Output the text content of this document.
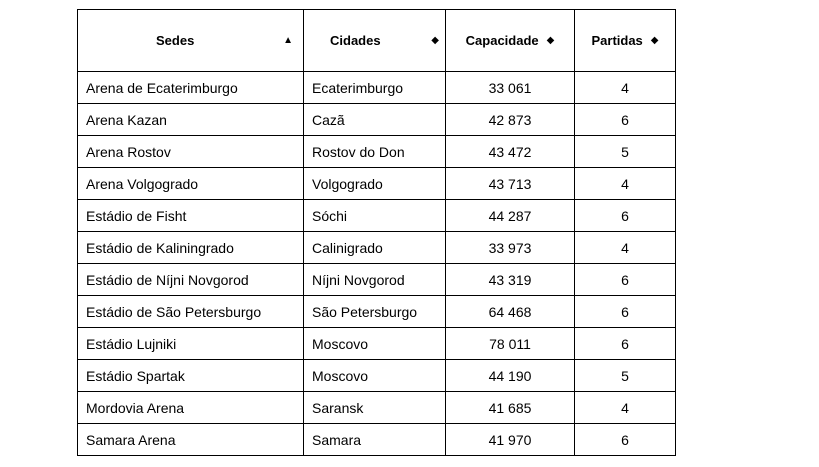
Sedes ▲	Cidades ◆	Capacidade ◆	Partidas ◆

Arena de Ecaterimburgo	Ecaterimburgo	33 061	4
Arena Kazan	Cazã	42 873	6
Arena Rostov	Rostov do Don	43 472	5
Arena Volgogrado	Volgogrado	43 713	4
Estádio de Fisht	Sóchi	44 287	6
Estádio de Kaliningrado	Calinigrado	33 973	4
Estádio de Níjni Novgorod	Níjni Novgorod	43 319	6
Estádio de São Petersburgo	São Petersburgo	64 468	6
Estádio Lujniki	Moscovo	78 011	6
Estádio Spartak	Moscovo	44 190	5
Mordovia Arena	Saransk	41 685	4
Samara Arena	Samara	41 970	6
